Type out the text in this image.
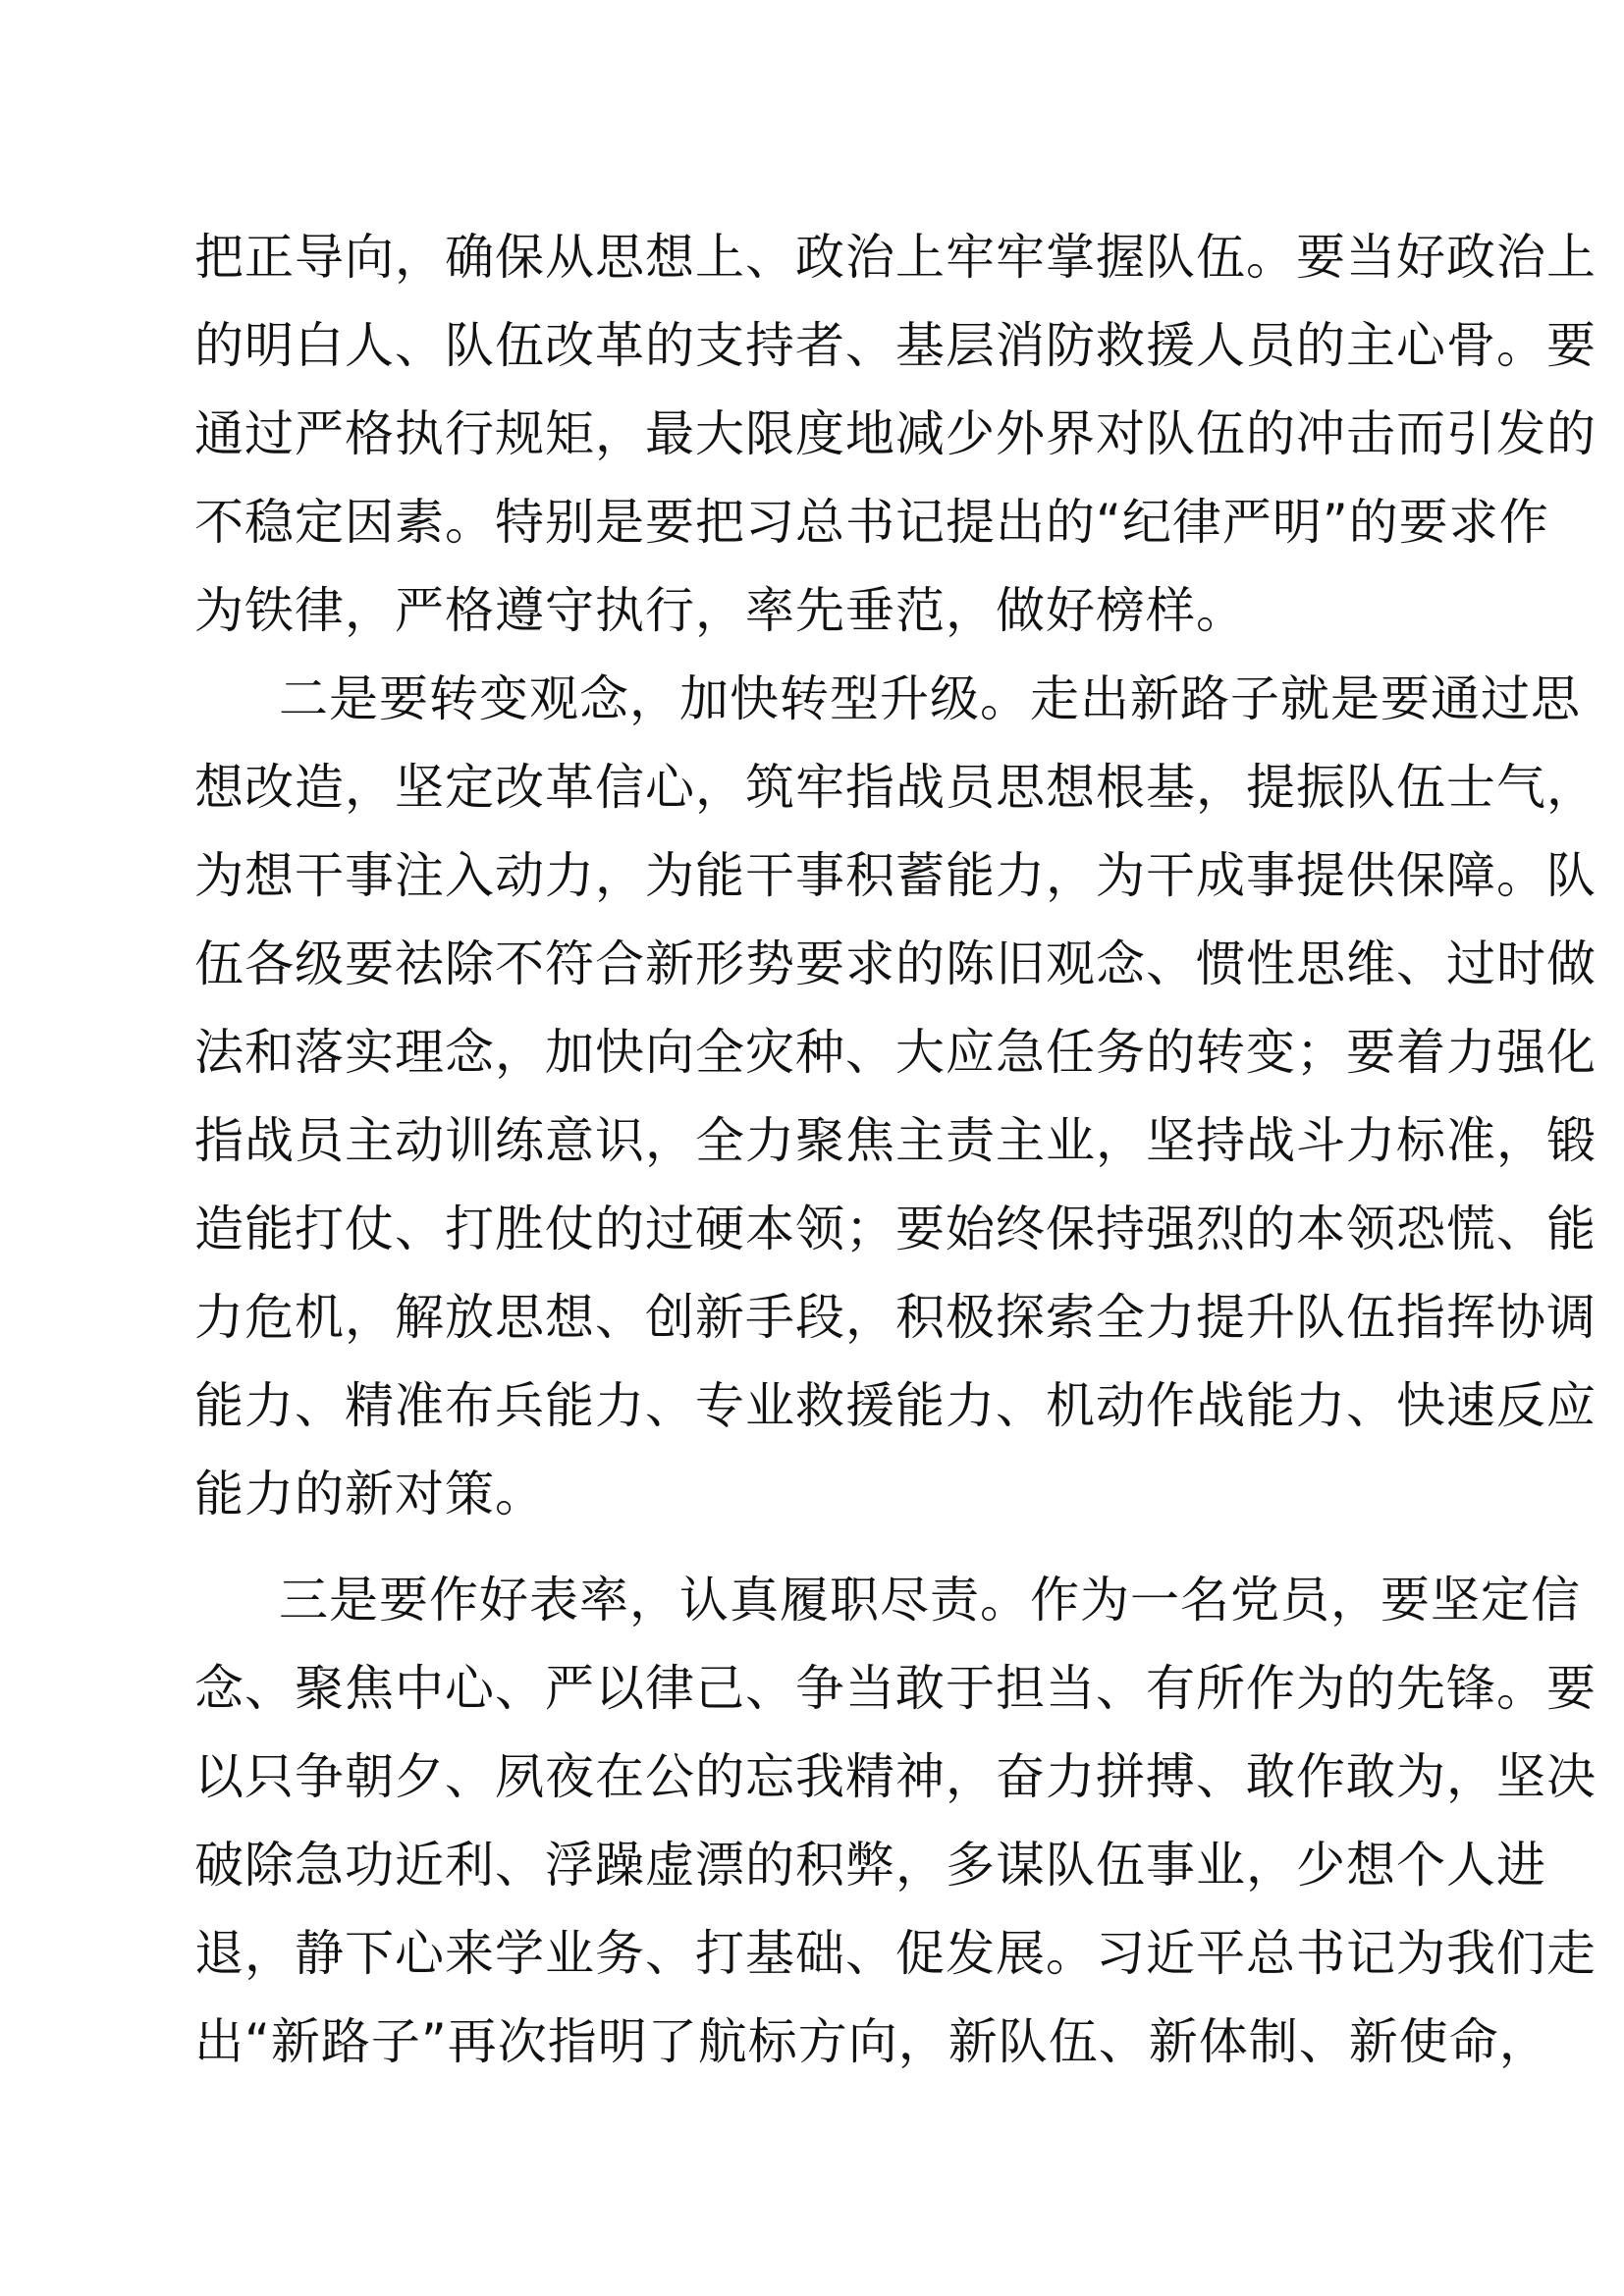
把正导向，确保从思想上、政治上牢牢掌握队伍。要当好政治上
的明白人、队伍改革的支持者、基层消防救援人员的主心骨。要
通过严格执行规矩，最大限度地减少外界对队伍的冲击而引发的
不稳定因素。特别是要把习总书记提出的“纪律严明”的要求作
为铁律，严格遵守执行，率先垂范，做好榜样。
二是要转变观念，加快转型升级。走出新路子就是要通过思
想改造，坚定改革信心，筑牢指战员思想根基，提振队伍士气，
为想干事注入动力，为能干事积蓄能力，为干成事提供保障。队
伍各级要祛除不符合新形势要求的陈旧观念、惯性思维、过时做
法和落实理念，加快向全灾种、大应急任务的转变；要着力强化
指战员主动训练意识，全力聚焦主责主业，坚持战斗力标准，锻
造能打仗、打胜仗的过硬本领；要始终保持强烈的本领恐慌、能
力危机，解放思想、创新手段，积极探索全力提升队伍指挥协调
能力、精准布兵能力、专业救援能力、机动作战能力、快速反应
能力的新对策。
三是要作好表率，认真履职尽责。作为一名党员，要坚定信
念、聚焦中心、严以律己、争当敢于担当、有所作为的先锋。要
以只争朝夕、夙夜在公的忘我精神，奋力拼搏、敢作敢为，坚决
破除急功近利、浮躁虚漂的积弊，多谋队伍事业，少想个人进
退，静下心来学业务、打基础、促发展。习近平总书记为我们走
出“新路子”再次指明了航标方向，新队伍、新体制、新使命，
